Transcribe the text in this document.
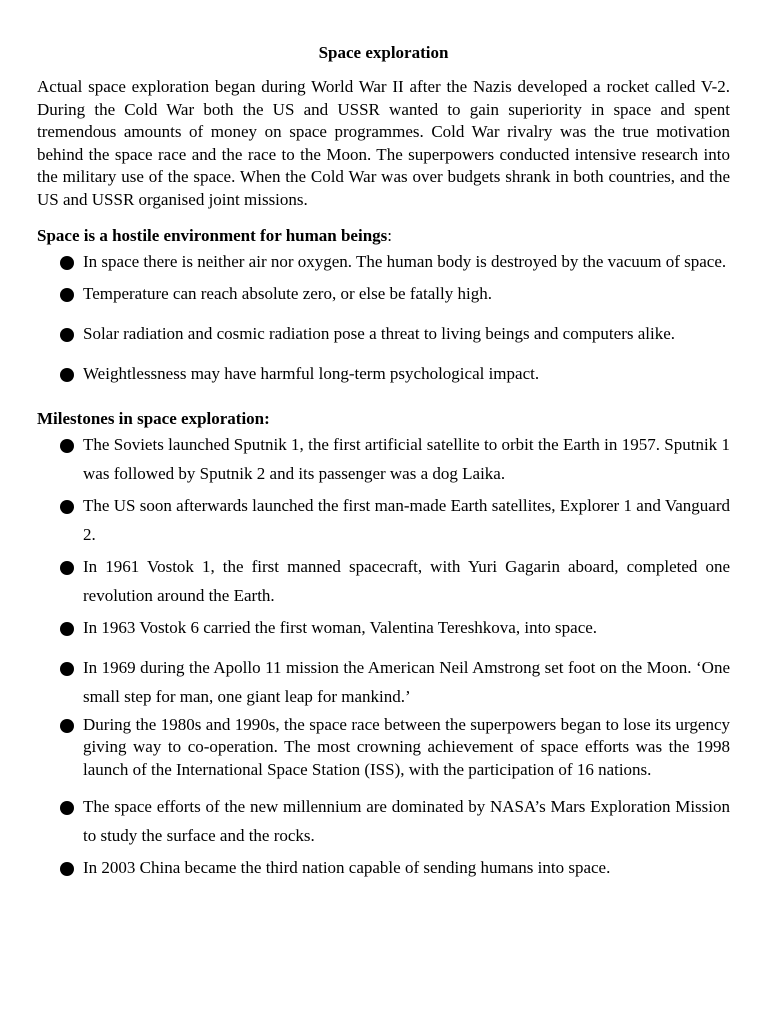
Space exploration

Actual space exploration began during World War II after the Nazis developed a rocket called V-2. During the Cold War both the US and USSR wanted to gain superiority in space and spent tremendous amounts of money on space programmes. Cold War rivalry was the true motivation behind the space race and the race to the Moon. The superpowers conducted intensive research into the military use of the space. When the Cold War was over budgets shrank in both countries, and the US and USSR organised joint missions.

Space is a hostile environment for human beings:

In space there is neither air nor oxygen. The human body is destroyed by the vacuum of space.
Temperature can reach absolute zero, or else be fatally high.
Solar radiation and cosmic radiation pose a threat to living beings and computers alike.
Weightlessness may have harmful long-term psychological impact.

Milestones in space exploration:

The Soviets launched Sputnik 1, the first artificial satellite to orbit the Earth in 1957. Sputnik 1 was followed by Sputnik 2 and its passenger was a dog Laika.
The US soon afterwards launched the first man-made Earth satellites, Explorer 1 and Vanguard 2.
In 1961 Vostok 1, the first manned spacecraft, with Yuri Gagarin aboard, completed one revolution around the Earth.
In 1963 Vostok 6 carried the first woman, Valentina Tereshkova, into space.
In 1969 during the Apollo 11 mission the American Neil Amstrong set foot on the Moon. ‘One small step for man, one giant leap for mankind.’
During the 1980s and 1990s, the space race between the superpowers began to lose its urgency giving way to co-operation. The most crowning achievement of space efforts was the 1998 launch of the International Space Station (ISS), with the participation of 16 nations.
The space efforts of the new millennium are dominated by NASA’s Mars Exploration Mission to study the surface and the rocks.
In 2003 China became the third nation capable of sending humans into space.
